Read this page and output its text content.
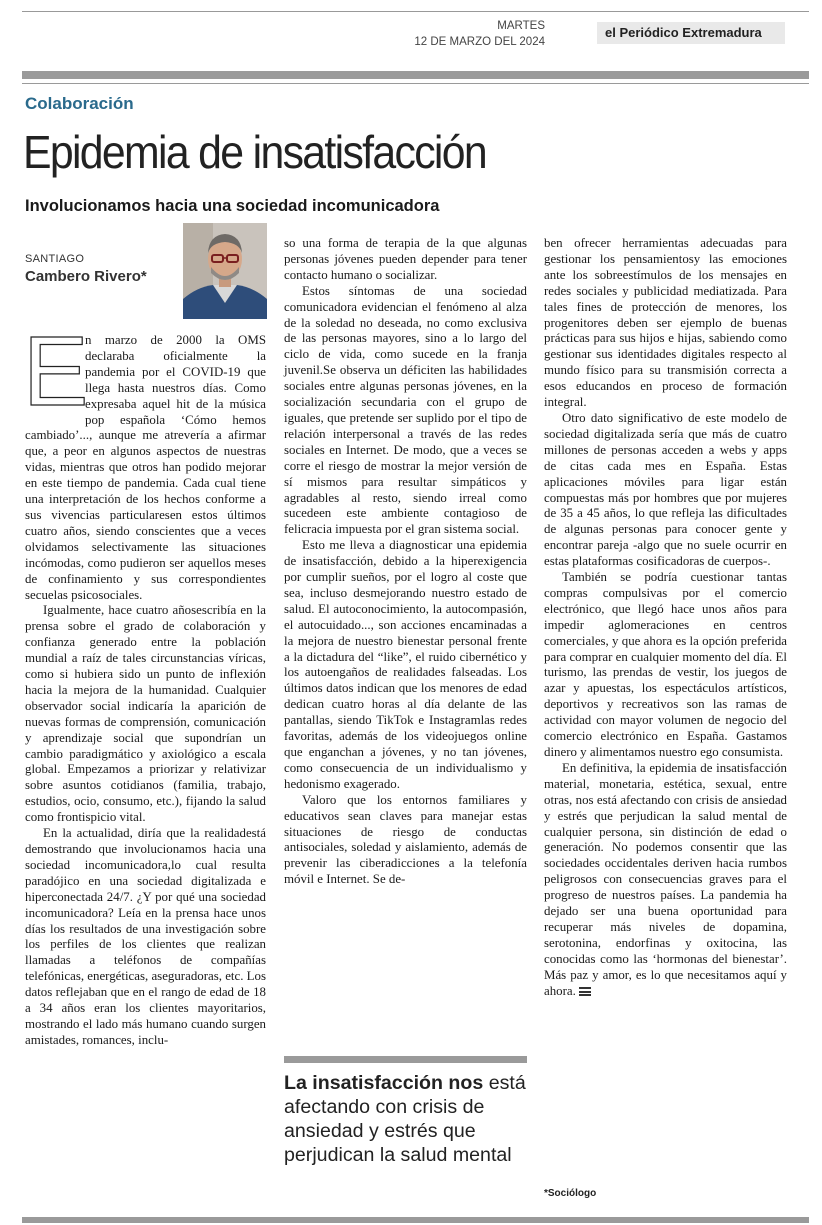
MARTES
12 DE MARZO DEL 2024
el Periódico Extremadura
Colaboración
Epidemia de insatisfacción
Involucionamos hacia una sociedad incomunicadora
SANTIAGO
Cambero Rivero*

E
n marzo de 2000 la OMS declaraba oficialmente la pandemia por el COVID-19 que llega hasta nuestros días. Como expresaba aquel hit de la música pop española ‘Cómo hemos cambiado’..., aunque me atrevería a afirmar que, a peor en algunos aspectos de nuestras vidas, mientras que otros han podido mejorar en este tiempo de pandemia. Cada cual tiene una interpretación de los hechos conforme a sus vivencias particularesen estos últimos cuatro años, siendo conscientes que a veces olvidamos selectivamente las situaciones incómodas, como pudieron ser aquellos meses de confinamiento y sus correspondientes secuelas psicosociales.

Igualmente, hace cuatro añosescribía en la prensa sobre el grado de colaboración y confianza generado entre la población mundial a raíz de tales circunstancias víricas, como si hubiera sido un punto de inflexión hacia la mejora de la humanidad. Cualquier observador social indicaría la aparición de nuevas formas de comprensión, comunicación y aprendizaje social que supondrían un cambio paradigmático y axiológico a escala global. Empezamos a priorizar y relativizar sobre asuntos cotidianos (familia, trabajo, estudios, ocio, consumo, etc.), fijando la salud como frontispicio vital.

En la actualidad, diría que la realidadestá demostrando que involucionamos hacia una sociedad incomunicadora,lo cual resulta paradójico en una sociedad digitalizada e hiperconectada 24/7. ¿Y por qué una sociedad incomunicadora? Leía en la prensa hace unos días los resultados de una investigación sobre los perfiles de los clientes que realizan llamadas a teléfonos de compañías telefónicas, energéticas, aseguradoras, etc. Los datos reflejaban que en el rango de edad de 18 a 34 años eran los clientes mayoritarios, mostrando el lado más humano cuando surgen amistades, romances, inclu-

so una forma de terapia de la que algunas personas jóvenes pueden depender para tener contacto humano o socializar.

Estos síntomas de una sociedad comunicadora evidencian el fenómeno al alza de la soledad no deseada, no como exclusiva de las personas mayores, sino a lo largo del ciclo de vida, como sucede en la franja juvenil.Se observa un déficiten las habilidades sociales entre algunas personas jóvenes, en la socialización secundaria con el grupo de iguales, que pretende ser suplido por el tipo de relación interpersonal a través de las redes sociales en Internet. De modo, que a veces se corre el riesgo de mostrar la mejor versión de sí mismos para resultar simpáticos y agradables al resto, siendo irreal como sucedeen este ambiente contagioso de felicracia impuesta por el gran sistema social.

Esto me lleva a diagnosticar una epidemia de insatisfacción, debido a la hiperexigencia por cumplir sueños, por el logro al coste que sea, incluso desmejorando nuestro estado de salud. El autoconocimiento, la autocompasión, el autocuidado..., son acciones encaminadas a la mejora de nuestro bienestar personal frente a la dictadura del “like”, el ruido cibernético y los autoengaños de realidades falseadas. Los últimos datos indican que los menores de edad dedican cuatro horas al día delante de las pantallas, siendo TikTok e Instagramlas redes favoritas, además de los videojuegos online que enganchan a jóvenes, y no tan jóvenes, como consecuencia de un individualismo y hedonismo exagerado.

Valoro que los entornos familiares y educativos sean claves para manejar estas situaciones de riesgo de conductas antisociales, soledad y aislamiento, además de prevenir las ciberadicciones a la telefonía móvil e Internet. Se de-

La insatisfacción nos está afectando con crisis de ansiedad y estrés que perjudican la salud mental

ben ofrecer herramientas adecuadas para gestionar los pensamientosy las emociones ante los sobreestímulos de los mensajes en redes sociales y publicidad mediatizada. Para tales fines de protección de menores, los progenitores deben ser ejemplo de buenas prácticas para sus hijos e hijas, sabiendo como gestionar sus identidades digitales respecto al mundo físico para su transmisión correcta a esos educandos en proceso de formación integral.

Otro dato significativo de este modelo de sociedad digitalizada sería que más de cuatro millones de personas acceden a webs y apps de citas cada mes en España. Estas aplicaciones móviles para ligar están compuestas más por hombres que por mujeres de 35 a 45 años, lo que refleja las dificultades de algunas personas para conocer gente y encontrar pareja -algo que no suele ocurrir en estas plataformas cosificadoras de cuerpos-.

También se podría cuestionar tantas compras compulsivas por el comercio electrónico, que llegó hace unos años para impedir aglomeraciones en centros comerciales, y que ahora es la opción preferida para comprar en cualquier momento del día. El turismo, las prendas de vestir, los juegos de azar y apuestas, los espectáculos artísticos, deportivos y recreativos son las ramas de actividad con mayor volumen de negocio del comercio electrónico en España. Gastamos dinero y alimentamos nuestro ego consumista.

En definitiva, la epidemia de insatisfacción material, monetaria, estética, sexual, entre otras, nos está afectando con crisis de ansiedad y estrés que perjudican la salud mental de cualquier persona, sin distinción de edad o generación. No podemos consentir que las sociedades occidentales deriven hacia rumbos peligrosos con consecuencias graves para el progreso de nuestros países. La pandemia ha dejado ser una buena oportunidad para recuperar más niveles de dopamina, serotonina, endorfinas y oxitocina, las conocidas como las ‘hormonas del bienestar’. Más paz y amor, es lo que necesitamos aquí y ahora.

*Sociólogo
